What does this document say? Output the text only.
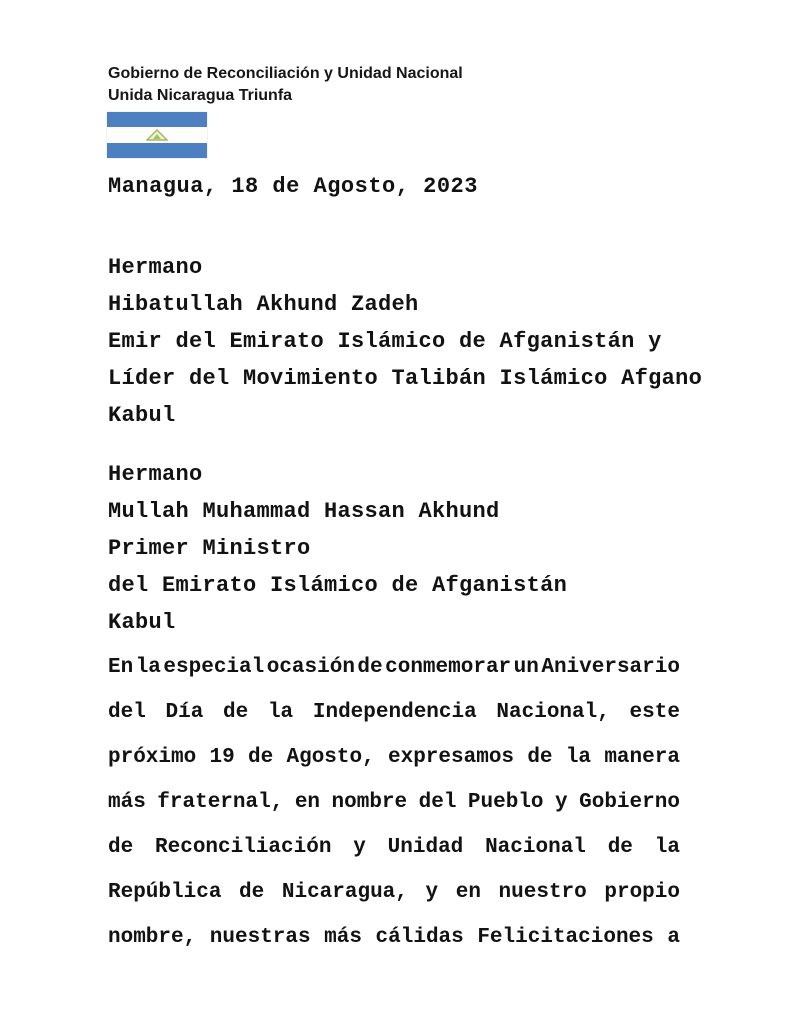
Gobierno de Reconciliación y Unidad Nacional
Unida Nicaragua Triunfa
Managua, 18 de Agosto, 2023
Hermano
Hibatullah Akhund Zadeh
Emir del Emirato Islámico de Afganistán y
Líder del Movimiento Talibán Islámico Afgano
Kabul
Hermano
Mullah Muhammad Hassan Akhund
Primer Ministro
del Emirato Islámico de Afganistán
Kabul
En la especial ocasión de conmemorar un Aniversario
del Día de la Independencia Nacional, este
próximo 19 de Agosto, expresamos de la manera
más fraternal, en nombre del Pueblo y Gobierno
de Reconciliación y Unidad Nacional de la
República de Nicaragua, y en nuestro propio
nombre, nuestras más cálidas Felicitaciones a
